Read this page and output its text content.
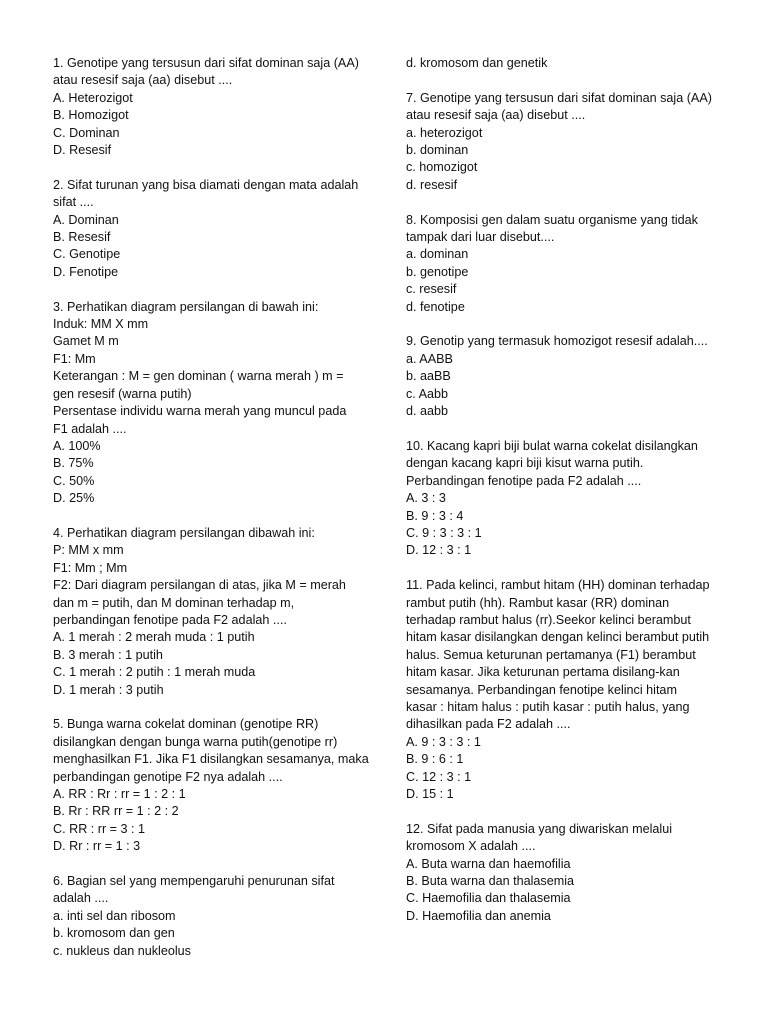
1. Genotipe yang tersusun dari sifat dominan saja (AA)
atau resesif saja (aa) disebut ....
A. Heterozigot
B. Homozigot
C. Dominan
D. Resesif
2. Sifat turunan yang bisa diamati dengan mata adalah
sifat ....
A. Dominan
B. Resesif
C. Genotipe
D. Fenotipe
3. Perhatikan diagram persilangan di bawah ini:
Induk: MM X mm
Gamet M m
F1: Mm
Keterangan : M = gen dominan ( warna merah ) m =
gen resesif (warna putih)
Persentase individu warna merah yang muncul pada
F1 adalah ....
A. 100%
B. 75%
C. 50%
D. 25%
4. Perhatikan diagram persilangan dibawah ini:
P: MM x mm
F1: Mm ; Mm
F2: Dari diagram persilangan di atas, jika M = merah
dan m = putih, dan M dominan terhadap m,
perbandingan fenotipe pada F2 adalah ....
A. 1 merah : 2 merah muda : 1 putih
B. 3 merah : 1 putih
C. 1 merah : 2 putih : 1 merah muda
D. 1 merah : 3 putih
5. Bunga warna cokelat dominan (genotipe RR)
disilangkan dengan bunga warna putih(genotipe rr)
menghasilkan F1. Jika F1 disilangkan sesamanya, maka
perbandingan genotipe F2 nya adalah ....
A. RR : Rr : rr = 1 : 2 : 1
B. Rr : RR rr = 1 : 2 : 2
C. RR : rr = 3 : 1
D. Rr : rr = 1 : 3
6. Bagian sel yang mempengaruhi penurunan sifat
adalah ....
a. inti sel dan ribosom
b. kromosom dan gen
c. nukleus dan nukleolus
d. kromosom dan genetik
7. Genotipe yang tersusun dari sifat dominan saja (AA)
atau resesif saja (aa) disebut ....
a. heterozigot
b. dominan
c. homozigot
d. resesif
8. Komposisi gen dalam suatu organisme yang tidak
tampak dari luar disebut....
a. dominan
b. genotipe
c. resesif
d. fenotipe
9. Genotip yang termasuk homozigot resesif adalah....
a. AABB
b. aaBB
c. Aabb
d. aabb
10. Kacang kapri biji bulat warna cokelat disilangkan
dengan kacang kapri biji kisut warna putih.
Perbandingan fenotipe pada F2 adalah ....
A. 3 : 3
B. 9 : 3 : 4
C. 9 : 3 : 3 : 1
D. 12 : 3 : 1
11. Pada kelinci, rambut hitam (HH) dominan terhadap
rambut putih (hh). Rambut kasar (RR) dominan
terhadap rambut halus (rr).Seekor kelinci berambut
hitam kasar disilangkan dengan kelinci berambut putih
halus. Semua keturunan pertamanya (F1) berambut
hitam kasar. Jika keturunan pertama disilang-kan
sesamanya. Perbandingan fenotipe kelinci hitam
kasar : hitam halus : putih kasar : putih halus, yang
dihasilkan pada F2 adalah ....
A. 9 : 3 : 3 : 1
B. 9 : 6 : 1
C. 12 : 3 : 1
D. 15 : 1
12. Sifat pada manusia yang diwariskan melalui
kromosom X adalah ....
A. Buta warna dan haemofilia
B. Buta warna dan thalasemia
C. Haemofilia dan thalasemia
D. Haemofilia dan anemia
